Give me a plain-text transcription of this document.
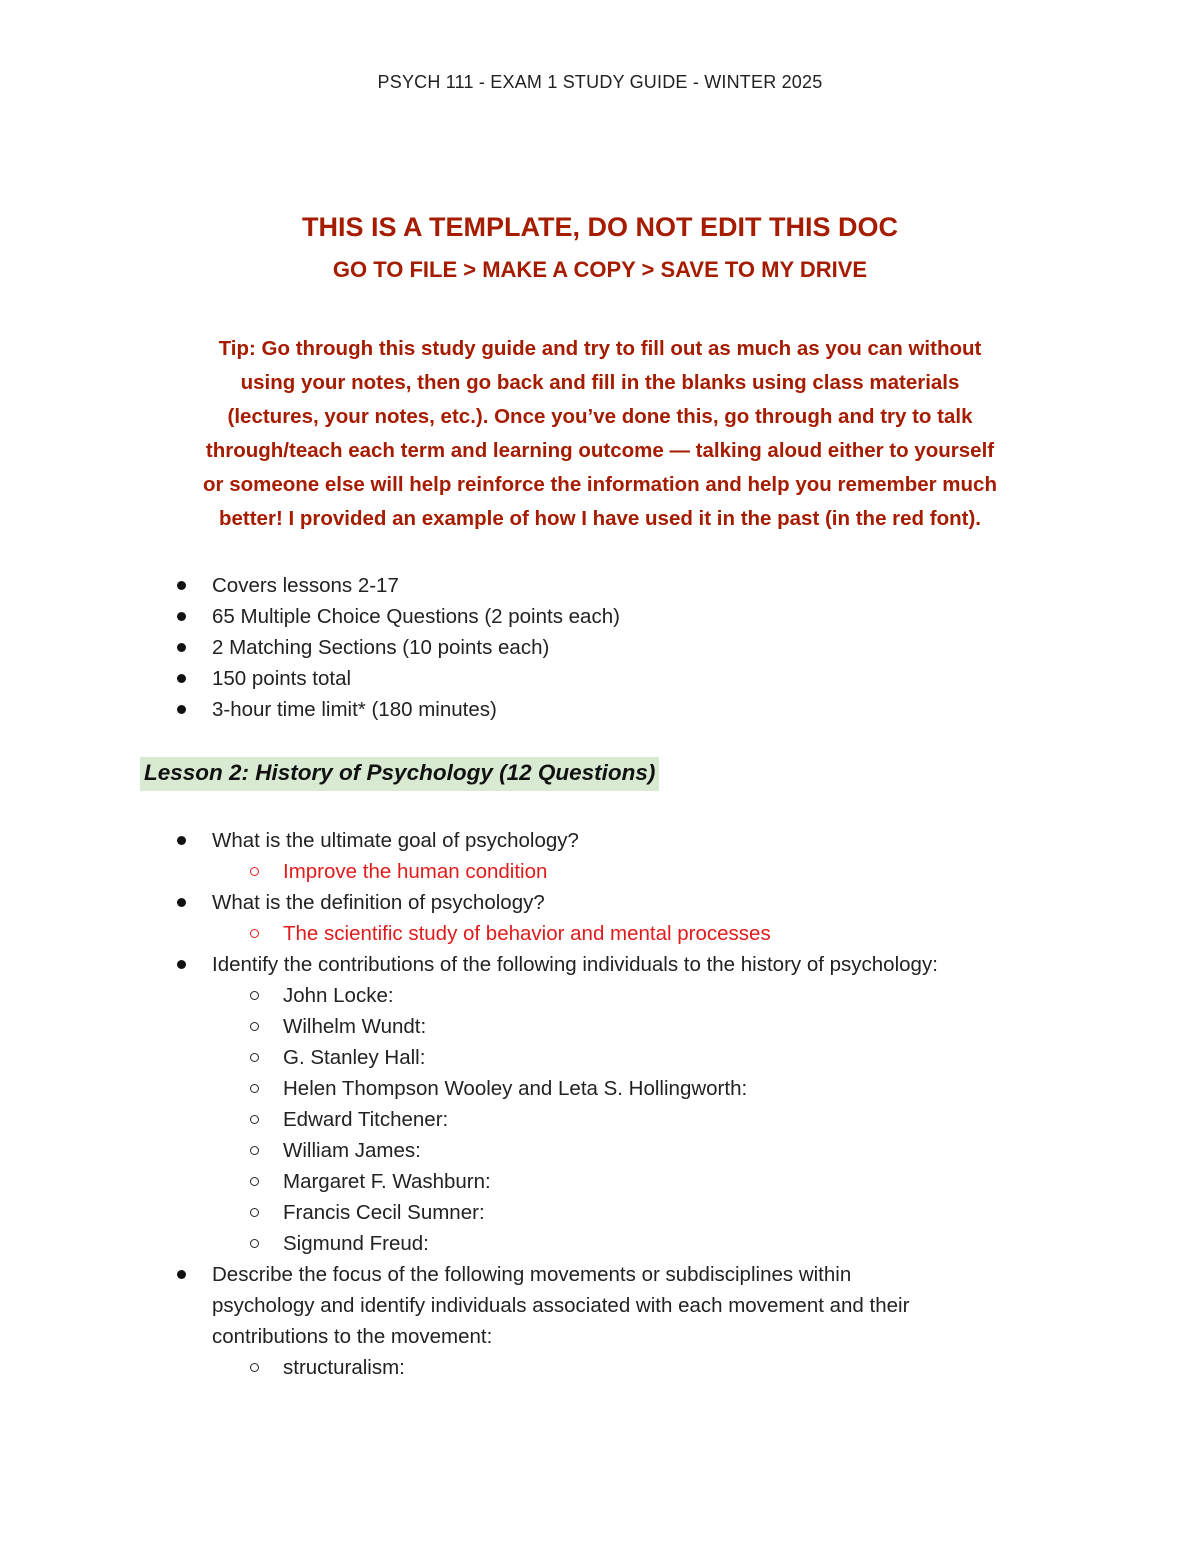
PSYCH 111 - EXAM 1 STUDY GUIDE - WINTER 2025
THIS IS A TEMPLATE, DO NOT EDIT THIS DOC
GO TO FILE > MAKE A COPY > SAVE TO MY DRIVE
Tip: Go through this study guide and try to fill out as much as you can without
using your notes, then go back and fill in the blanks using class materials
(lectures, your notes, etc.). Once you’ve done this, go through and try to talk
through/teach each term and learning outcome — talking aloud either to yourself
or someone else will help reinforce the information and help you remember much
better! I provided an example of how I have used it in the past (in the red font).
Covers lessons 2-17
65 Multiple Choice Questions (2 points each)
2 Matching Sections (10 points each)
150 points total
3-hour time limit* (180 minutes)
Lesson 2: History of Psychology (12 Questions)
What is the ultimate goal of psychology?
Improve the human condition
What is the definition of psychology?
The scientific study of behavior and mental processes
Identify the contributions of the following individuals to the history of psychology:
John Locke:
Wilhelm Wundt:
G. Stanley Hall:
Helen Thompson Wooley and Leta S. Hollingworth:
Edward Titchener:
William James:
Margaret F. Washburn:
Francis Cecil Sumner:
Sigmund Freud:
Describe the focus of the following movements or subdisciplines within
psychology and identify individuals associated with each movement and their
contributions to the movement:
structuralism:
